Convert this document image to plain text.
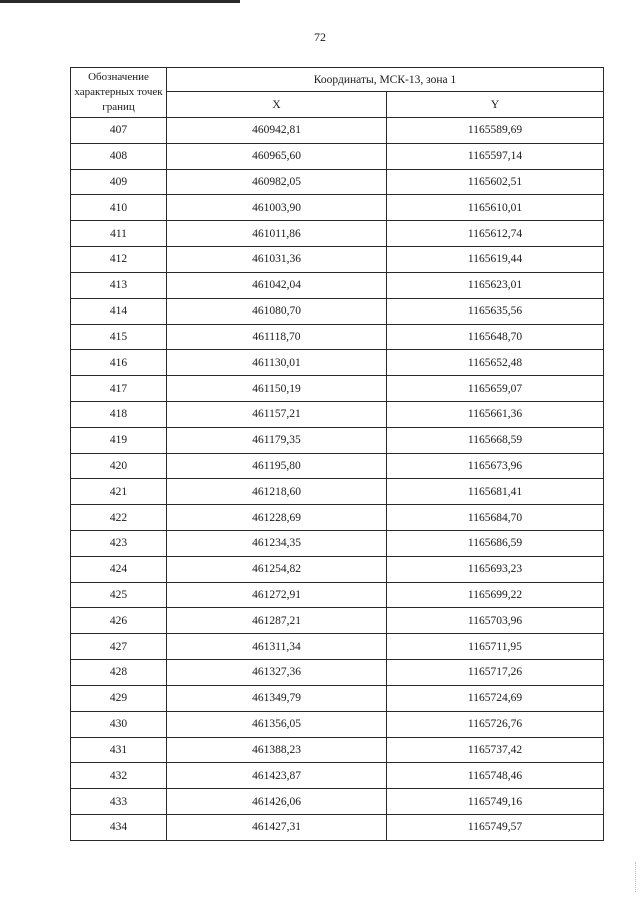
72
Обозначение характерных точек границ	Координаты, МСК-13, зона 1	
	X	Y
407	460942,81	1165589,69
408	460965,60	1165597,14
409	460982,05	1165602,51
410	461003,90	1165610,01
411	461011,86	1165612,74
412	461031,36	1165619,44
413	461042,04	1165623,01
414	461080,70	1165635,56
415	461118,70	1165648,70
416	461130,01	1165652,48
417	461150,19	1165659,07
418	461157,21	1165661,36
419	461179,35	1165668,59
420	461195,80	1165673,96
421	461218,60	1165681,41
422	461228,69	1165684,70
423	461234,35	1165686,59
424	461254,82	1165693,23
425	461272,91	1165699,22
426	461287,21	1165703,96
427	461311,34	1165711,95
428	461327,36	1165717,26
429	461349,79	1165724,69
430	461356,05	1165726,76
431	461388,23	1165737,42
432	461423,87	1165748,46
433	461426,06	1165749,16
434	461427,31	1165749,57
